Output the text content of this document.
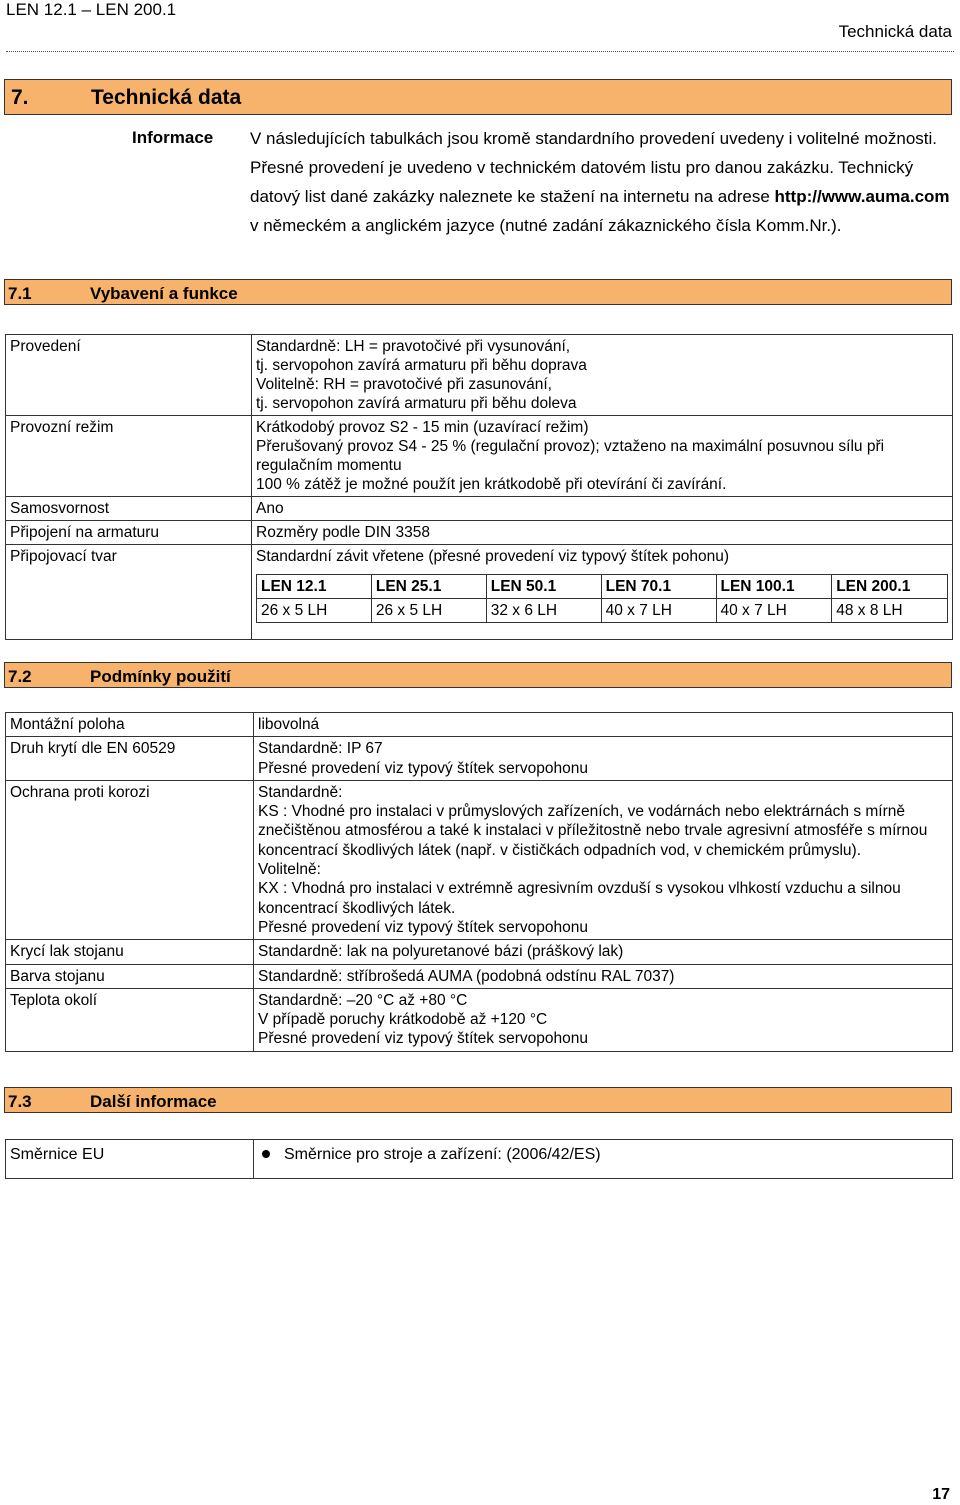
LEN 12.1 – LEN 200.1
Technická data
7.	Technická data
Informace V následujících tabulkách jsou kromě standardního provedení uvedeny i volitelné možnosti. Přesné provedení je uvedeno v technickém datovém listu pro danou zakázku. Technický datový list dané zakázky naleznete ke stažení na internetu na adrese http://www.auma.com v německém a anglickém jazyce (nutné zadání zákaznického čísla Komm.Nr.).
7.1	Vybavení a funkce
Provedení	Standardně: LH = pravotočivé při vysunování,
tj. servopohon zavírá armaturu při běhu doprava
Volitelně: RH = pravotočivé při zasunování,
tj. servopohon zavírá armaturu při běhu doleva

Provozní režim	Krátkodobý provoz S2 - 15 min (uzavírací režim)
Přerušovaný provoz S4 - 25 % (regulační provoz); vztaženo na maximální posuvnou sílu při regulačním momentu
100 % zátěž je možné použít jen krátkodobě při otevírání či zavírání.

Samosvornost	Ano

Připojení na armaturu	Rozměry podle DIN 3358

Připojovací tvar	Standardní závit vřetene (přesné provedení viz typový štítek pohonu)
LEN 12.1	LEN 25.1	LEN 50.1	LEN 70.1	LEN 100.1	LEN 200.1
26 x 5 LH	26 x 5 LH	32 x 6 LH	40 x 7 LH	40 x 7 LH	48 x 8 LH
7.2	Podmínky použití
Montážní poloha	libovolná

Druh krytí dle EN 60529	Standardně: IP 67
Přesné provedení viz typový štítek servopohonu

Ochrana proti korozi	Standardně:
KS : Vhodné pro instalaci v průmyslových zařízeních, ve vodárnách nebo elektrárnách s mírně znečištěnou atmosférou a také k instalaci v příležitostně nebo trvale agresivní atmosféře s mírnou koncentrací škodlivých látek (např. v čističkách odpadních vod, v chemickém průmyslu).
Volitelně:
KX : Vhodná pro instalaci v extrémně agresivním ovzduší s vysokou vlhkostí vzduchu a silnou koncentrací škodlivých látek.
Přesné provedení viz typový štítek servopohonu

Krycí lak stojanu	Standardně: lak na polyuretanové bázi (práškový lak)

Barva stojanu	Standardně: stříbrošedá AUMA (podobná odstínu RAL 7037)

Teplota okolí	Standardně: –20 °C až +80 °C
V případě poruchy krátkodobě až +120 °C
Přesné provedení viz typový štítek servopohonu
7.3	Další informace
Směrnice EU	Směrnice pro stroje a zařízení: (2006/42/ES)
17
